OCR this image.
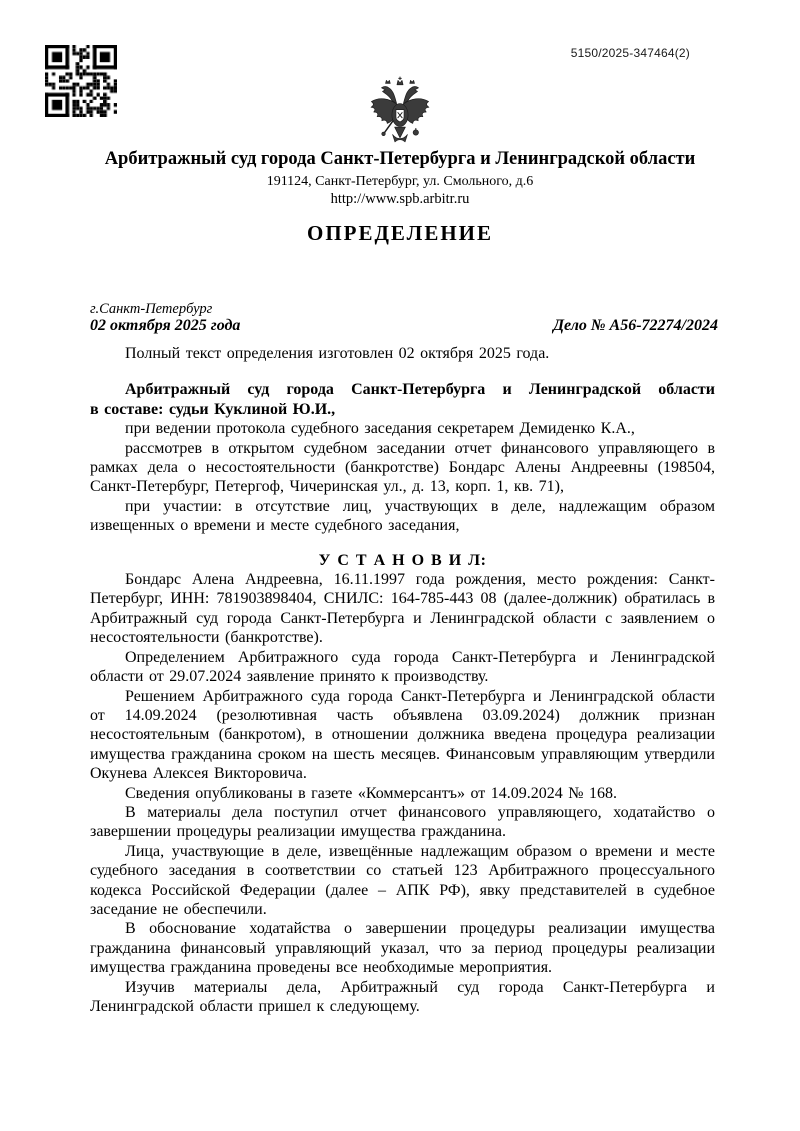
5150/2025-347464(2)
Арбитражный суд города Санкт-Петербурга и Ленинградской области
191124, Санкт-Петербург, ул. Смольного, д.6
http://www.spb.arbitr.ru
ОПРЕДЕЛЕНИЕ
г.Санкт-Петербург
02 октября 2025 года	Дело № А56-72274/2024

Полный текст определения изготовлен 02 октября 2025 года.

Арбитражный суд города Санкт-Петербурга и Ленинградской области

в составе: судьи Куклиной Ю.И.,

при ведении протокола судебного заседания секретарем Демиденко К.А.,

рассмотрев в открытом судебном заседании отчет финансового управляющего в рамках дела о несостоятельности (банкротстве) Бондарс Алены Андреевны (198504, Санкт-Петербург, Петергоф, Чичеринская ул., д. 13, корп. 1, кв. 71),

при участии: в отсутствие лиц, участвующих в деле, надлежащим образом извещенных о времени и месте судебного заседания,

У С Т А Н О В И Л:

Бондарс Алена Андреевна, 16.11.1997 года рождения, место рождения: Санкт-Петербург, ИНН: 781903898404, СНИЛС: 164-785-443 08 (далее-должник) обратилась в Арбитражный суд города Санкт-Петербурга и Ленинградской области с заявлением о несостоятельности (банкротстве).

Определением Арбитражного суда города Санкт-Петербурга и Ленинградской области от 29.07.2024 заявление принято к производству.

Решением Арбитражного суда города Санкт-Петербурга и Ленинградской области от 14.09.2024 (резолютивная часть объявлена 03.09.2024) должник признан несостоятельным (банкротом), в отношении должника введена процедура реализации имущества гражданина сроком на шесть месяцев. Финансовым управляющим утвердили Окунева Алексея Викторовича.

Сведения опубликованы в газете «Коммерсантъ» от 14.09.2024 № 168.

В материалы дела поступил отчет финансового управляющего, ходатайство о завершении процедуры реализации имущества гражданина.

Лица, участвующие в деле, извещённые надлежащим образом о времени и месте судебного заседания в соответствии со статьей 123 Арбитражного процессуального кодекса Российской Федерации (далее – АПК РФ), явку представителей в судебное заседание не обеспечили.

В обоснование ходатайства о завершении процедуры реализации имущества гражданина финансовый управляющий указал, что за период процедуры реализации имущества гражданина проведены все необходимые мероприятия.

Изучив материалы дела, Арбитражный суд города Санкт-Петербурга и Ленинградской области пришел к следующему.
